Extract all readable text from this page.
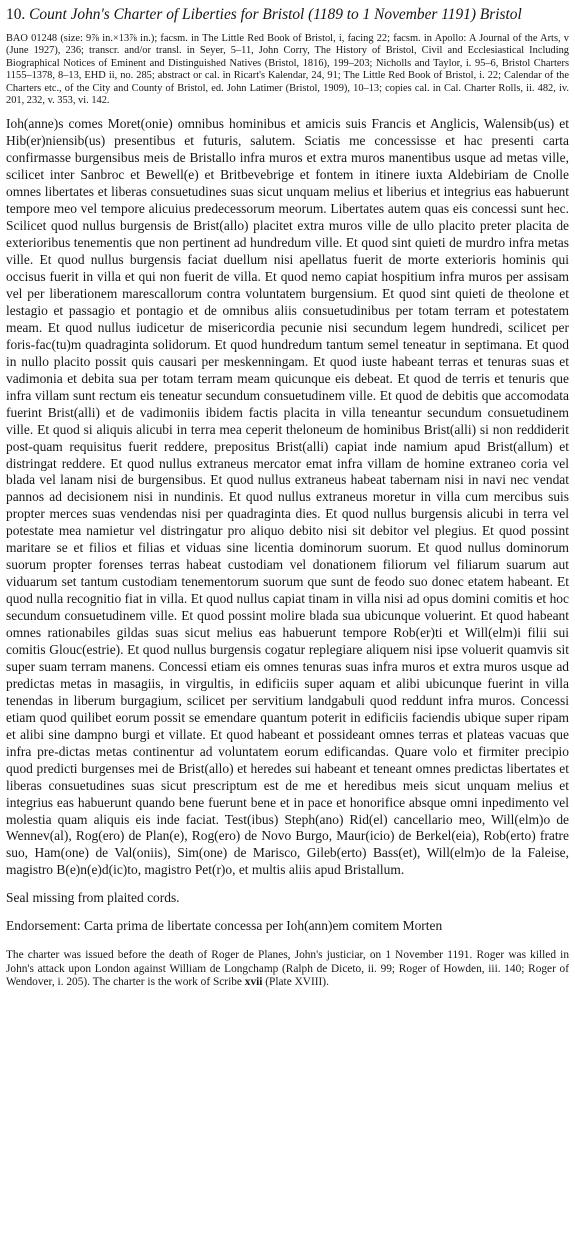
10. Count John's Charter of Liberties for Bristol (1189 to 1 November 1191) Bristol

BAO 01248 (size: 9⅞ in.×13⅞ in.); facsm. in The Little Red Book of Bristol, i, facing 22; facsm. in Apollo: A Journal of the Arts, v (June 1927), 236; transcr. and/or transl. in Seyer, 5–11, John Corry, The History of Bristol, Civil and Ecclesiastical Including Biographical Notices of Eminent and Distinguished Natives (Bristol, 1816), 199–203; Nicholls and Taylor, i. 95–6, Bristol Charters 1155–1378, 8–13, EHD ii, no. 285; abstract or cal. in Ricart's Kalendar, 24, 91; The Little Red Book of Bristol, i. 22; Calendar of the Charters etc., of the City and County of Bristol, ed. John Latimer (Bristol, 1909), 10–13; copies cal. in Cal. Charter Rolls, ii. 482, iv. 201, 232, v. 353, vi. 142.

Ioh(anne)s comes Moret(onie) omnibus hominibus et amicis suis Francis et Anglicis, Walensib(us) et Hib(er)niensib(us) presentibus et futuris, salutem. Sciatis me concessisse et hac presenti carta confirmasse burgensibus meis de Bristallo infra muros et extra muros manentibus usque ad metas ville, scilicet inter Sanbroc et Bewell(e) et Britbevebrige et fontem in itinere iuxta Aldebiriam de Cnolle omnes libertates et liberas consuetudines suas sicut unquam melius et liberius et integrius eas habuerunt tempore meo vel tempore alicuius predecessorum meorum. Libertates autem quas eis concessi sunt hec. Scilicet quod nullus burgensis de Brist(allo) placitet extra muros ville de ullo placito preter placita de exterioribus tenementis que non pertinent ad hundredum ville. Et quod sint quieti de murdro infra metas ville. Et quod nullus burgensis faciat duellum nisi apellatus fuerit de morte exterioris hominis qui occisus fuerit in villa et qui non fuerit de villa. Et quod nemo capiat hospitium infra muros per assisam vel per liberationem marescallorum contra voluntatem burgensium. Et quod sint quieti de theolone et lestagio et passagio et pontagio et de omnibus aliis consuetudinibus per totam terram et potestatem meam. Et quod nullus iudicetur de misericordia pecunie nisi secundum legem hundredi, scilicet per foris-fac(tu)m quadraginta solidorum. Et quod hundredum tantum semel teneatur in septimana. Et quod in nullo placito possit quis causari per meskenningam. Et quod iuste habeant terras et tenuras suas et vadimonia et debita sua per totam terram meam quicunque eis debeat. Et quod de terris et tenuris que infra villam sunt rectum eis teneatur secundum consuetudinem ville. Et quod de debitis que accomodata fuerint Brist(alli) et de vadimoniis ibidem factis placita in villa teneantur secundum consuetudinem ville. Et quod si aliquis alicubi in terra mea ceperit theloneum de hominibus Brist(alli) si non reddiderit post-quam requisitus fuerit reddere, prepositus Brist(alli) capiat inde namium apud Brist(allum) et distringat reddere. Et quod nullus extraneus mercator emat infra villam de homine extraneo coria vel blada vel lanam nisi de burgensibus. Et quod nullus extraneus habeat tabernam nisi in navi nec vendat pannos ad decisionem nisi in nundinis. Et quod nullus extraneus moretur in villa cum mercibus suis propter merces suas vendendas nisi per quadraginta dies. Et quod nullus burgensis alicubi in terra vel potestate mea namietur vel distringatur pro aliquo debito nisi sit debitor vel plegius. Et quod possint maritare se et filios et filias et viduas sine licentia dominorum suorum. Et quod nullus dominorum suorum propter forenses terras habeat custodiam vel donationem filiorum vel filiarum suarum aut viduarum set tantum custodiam tenementorum suorum que sunt de feodo suo donec etatem habeant. Et quod nulla recognitio fiat in villa. Et quod nullus capiat tinam in villa nisi ad opus domini comitis et hoc secundum consuetudinem ville. Et quod possint molire blada sua ubicunque voluerint. Et quod habeant omnes rationabiles gildas suas sicut melius eas habuerunt tempore Rob(er)ti et Will(elm)i filii sui comitis Glouc(estrie). Et quod nullus burgensis cogatur replegiare aliquem nisi ipse voluerit quamvis sit super suam terram manens. Concessi etiam eis omnes tenuras suas infra muros et extra muros usque ad predictas metas in masagiis, in virgultis, in edificiis super aquam et alibi ubicunque fuerint in villa tenendas in liberum burgagium, scilicet per servitium landgabuli quod reddunt infra muros. Concessi etiam quod quilibet eorum possit se emendare quantum poterit in edificiis faciendis ubique super ripam et alibi sine dampno burgi et villate. Et quod habeant et possideant omnes terras et plateas vacuas que infra pre-dictas metas continentur ad voluntatem eorum edificandas. Quare volo et firmiter precipio quod predicti burgenses mei de Brist(allo) et heredes sui habeant et teneant omnes predictas libertates et liberas consuetudines suas sicut prescriptum est de me et heredibus meis sicut unquam melius et integrius eas habuerunt quando bene fuerunt bene et in pace et honorifice absque omni inpedimento vel molestia quam aliquis eis inde faciat. Test(ibus) Steph(ano) Rid(el) cancellario meo, Will(elm)o de Wennev(al), Rog(ero) de Plan(e), Rog(ero) de Novo Burgo, Maur(icio) de Berkel(eia), Rob(erto) fratre suo, Ham(one) de Val(oniis), Sim(one) de Marisco, Gileb(erto) Bass(et), Will(elm)o de la Faleise, magistro B(e)n(e)d(ic)to, magistro Pet(r)o, et multis aliis apud Bristallum.

Seal missing from plaited cords.

Endorsement: Carta prima de libertate concessa per Ioh(ann)em comitem Morten

The charter was issued before the death of Roger de Planes, John's justiciar, on 1 November 1191. Roger was killed in John's attack upon London against William de Longchamp (Ralph de Diceto, ii. 99; Roger of Howden, iii. 140; Roger of Wendover, i. 205). The charter is the work of Scribe xvii (Plate XVIII).
